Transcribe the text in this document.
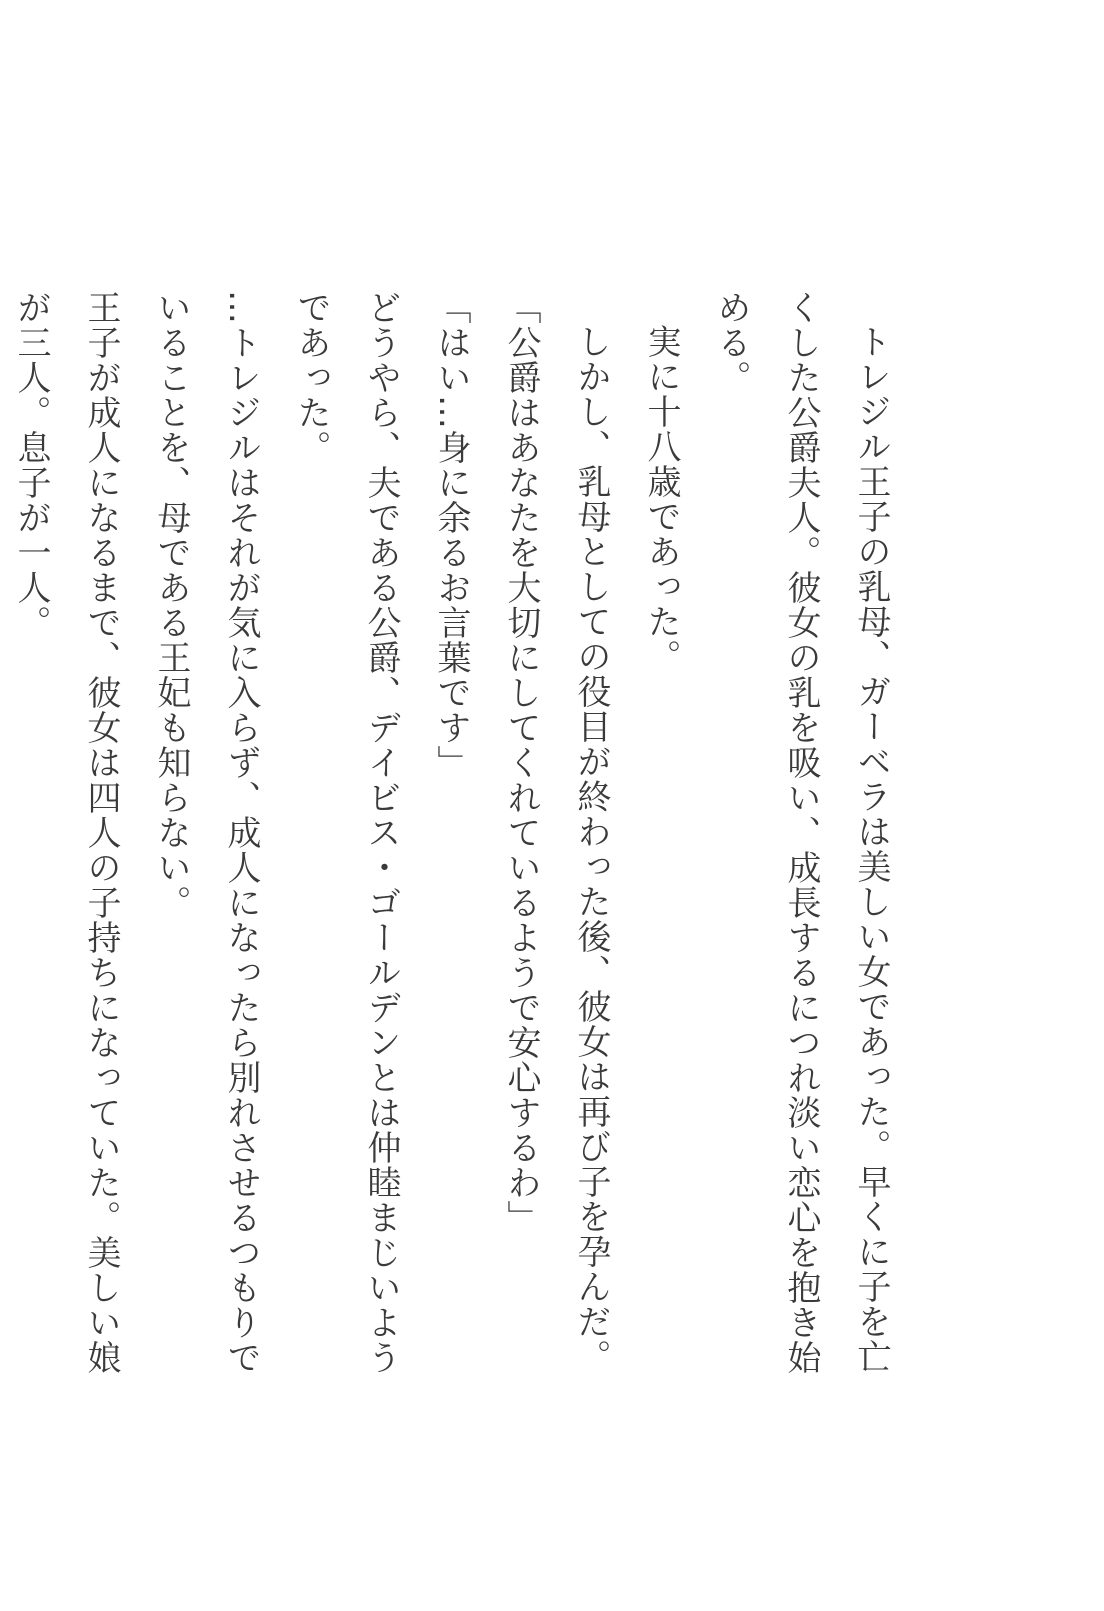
トレジル王子の乳母、ガーベラは美しい女であった。早くに子を亡くした公爵夫人。彼女の乳を吸い、成長するにつれ淡い恋心を抱き始める。

実に十八歳であった。

しかし、乳母としての役目が終わった後、彼女は再び子を孕んだ。

「公爵はあなたを大切にしてくれているようで安心するわ」

「はい…身に余るお言葉です」

どうやら、夫である公爵、デイビス・ゴールデンとは仲睦まじいようであった。

…トレジルはそれが気に入らず、成人になったら別れさせるつもりでいることを、母である王妃も知らない。

王子が成人になるまで、彼女は四人の子持ちになっていた。美しい娘が三人。息子が一人。
